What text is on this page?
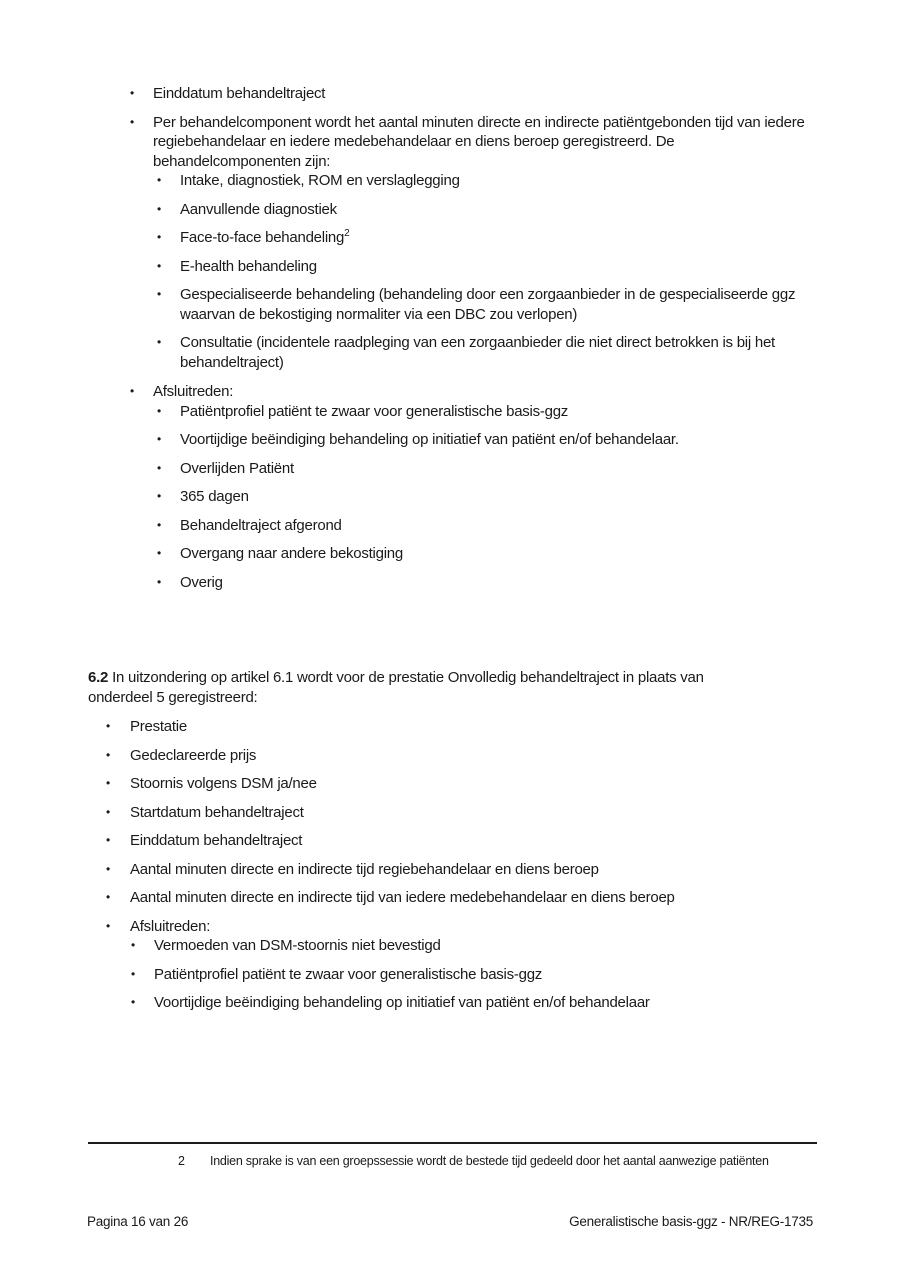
•	Einddatum behandeltraject
•	Per behandelcomponent wordt het aantal minuten directe en indirecte patiëntgebonden tijd van iedere regiebehandelaar en iedere medebehandelaar en diens beroep geregistreerd. De behandelcomponenten zijn:
•	Intake, diagnostiek, ROM en verslaglegging
•	Aanvullende diagnostiek
•	Face-to-face behandeling$^2$
•	E-health behandeling
•	Gespecialiseerde behandeling (behandeling door een zorgaanbieder in de gespecialiseerde ggz waarvan de bekostiging normaliter via een DBC zou verlopen)
•	Consultatie (incidentele raadpleging van een zorgaanbieder die niet direct betrokken is bij het behandeltraject)
•	Afsluitreden:
•	Patiëntprofiel patiënt te zwaar voor generalistische basis-ggz
•	Voortijdige beëindiging behandeling op initiatief van patiënt en/of behandelaar.
•	Overlijden Patiënt
•	365 dagen
•	Behandeltraject afgerond
•	Overgang naar andere bekostiging
•	Overig

6.2 In uitzondering op artikel 6.1 wordt voor de prestatie Onvolledig behandeltraject in plaats van onderdeel 5 geregistreerd:

•	Prestatie
•	Gedeclareerde prijs
•	Stoornis volgens DSM ja/nee
•	Startdatum behandeltraject
•	Einddatum behandeltraject
•	Aantal minuten directe en indirecte tijd regiebehandelaar en diens beroep
•	Aantal minuten directe en indirecte tijd van iedere medebehandelaar en diens beroep
•	Afsluitreden:
•	Vermoeden van DSM-stoornis niet bevestigd
•	Patiëntprofiel patiënt te zwaar voor generalistische basis-ggz
•	Voortijdige beëindiging behandeling op initiatief van patiënt en/of behandelaar
2	Indien sprake is van een groepssessie wordt de bestede tijd gedeeld door het aantal aanwezige patiënten
Pagina 16 van 26	Generalistische basis-ggz - NR/REG-1735
